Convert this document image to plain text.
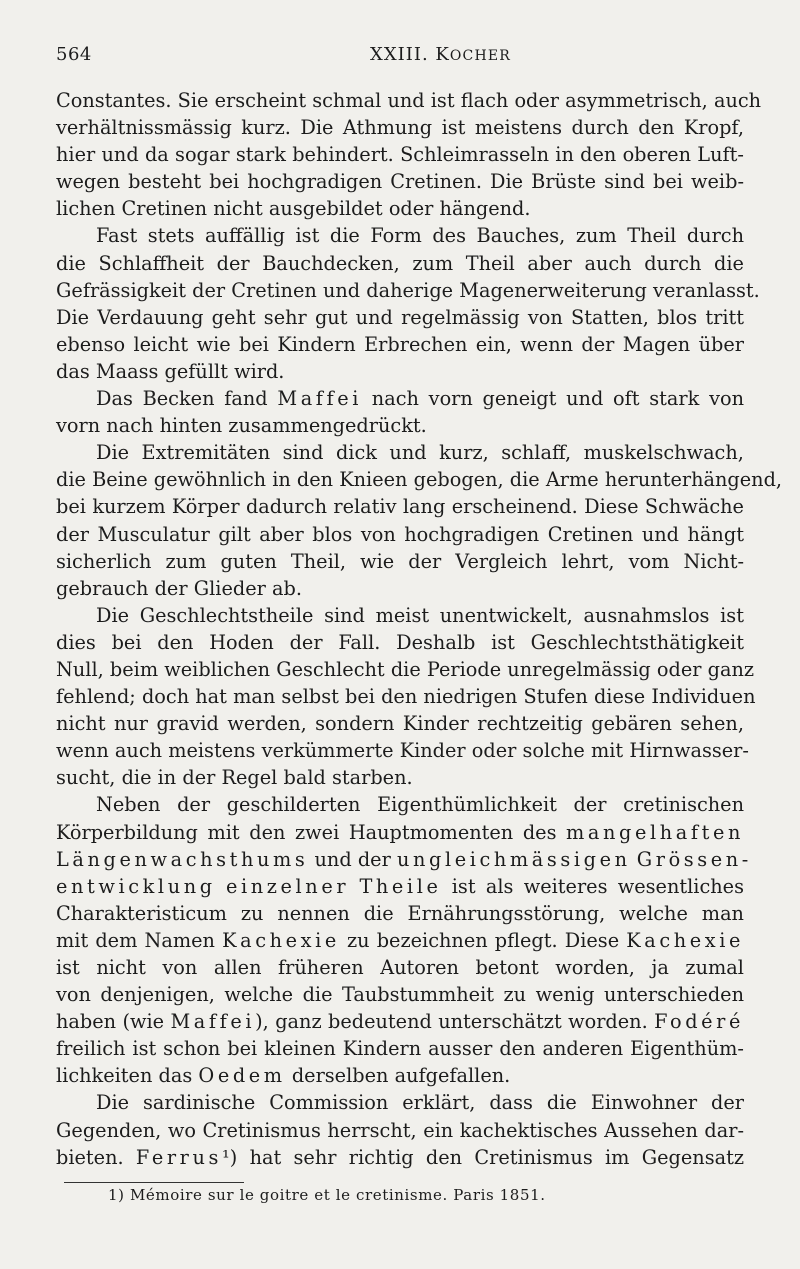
564	XXIII. KOCHER
Constantes. Sie erscheint schmal und ist flach oder asymmetrisch, auch
verhältnissmässig kurz. Die Athmung ist meistens durch den Kropf,
hier und da sogar stark behindert. Schleimrasseln in den oberen Luft-
wegen besteht bei hochgradigen Cretinen. Die Brüste sind bei weib-
lichen Cretinen nicht ausgebildet oder hängend.
Fast stets auffällig ist die Form des Bauches, zum Theil durch
die Schlaffheit der Bauchdecken, zum Theil aber auch durch die
Gefrässigkeit der Cretinen und daherige Magenerweiterung veranlasst.
Die Verdauung geht sehr gut und regelmässig von Statten, blos tritt
ebenso leicht wie bei Kindern Erbrechen ein, wenn der Magen über
das Maass gefüllt wird.
Das Becken fand Maffei nach vorn geneigt und oft stark von
vorn nach hinten zusammengedrückt.
Die Extremitäten sind dick und kurz, schlaff, muskelschwach,
die Beine gewöhnlich in den Knieen gebogen, die Arme herunterhängend,
bei kurzem Körper dadurch relativ lang erscheinend. Diese Schwäche
der Musculatur gilt aber blos von hochgradigen Cretinen und hängt
sicherlich zum guten Theil, wie der Vergleich lehrt, vom Nicht-
gebrauch der Glieder ab.
Die Geschlechtstheile sind meist unentwickelt, ausnahmslos ist
dies bei den Hoden der Fall. Deshalb ist Geschlechtsthätigkeit
Null, beim weiblichen Geschlecht die Periode unregelmässig oder ganz
fehlend; doch hat man selbst bei den niedrigen Stufen diese Individuen
nicht nur gravid werden, sondern Kinder rechtzeitig gebären sehen,
wenn auch meistens verkümmerte Kinder oder solche mit Hirnwasser-
sucht, die in der Regel bald starben.
Neben der geschilderten Eigenthümlichkeit der cretinischen
Körperbildung mit den zwei Hauptmomenten des mangelhaften
Längenwachsthums und der ungleichmässigen Grössen-
entwicklung einzelner Theile ist als weiteres wesentliches
Charakteristicum zu nennen die Ernährungsstörung, welche man
mit dem Namen Kachexie zu bezeichnen pflegt. Diese Kachexie
ist nicht von allen früheren Autoren betont worden, ja zumal
von denjenigen, welche die Taubstummheit zu wenig unterschieden
haben (wie Maffei), ganz bedeutend unterschätzt worden. Fodéré
freilich ist schon bei kleinen Kindern ausser den anderen Eigenthüm-
lichkeiten das Oedem derselben aufgefallen.
Die sardinische Commission erklärt, dass die Einwohner der
Gegenden, wo Cretinismus herrscht, ein kachektisches Aussehen dar-
bieten. Ferrus¹) hat sehr richtig den Cretinismus im Gegensatz
1) Mémoire sur le goitre et le cretinisme. Paris 1851.
